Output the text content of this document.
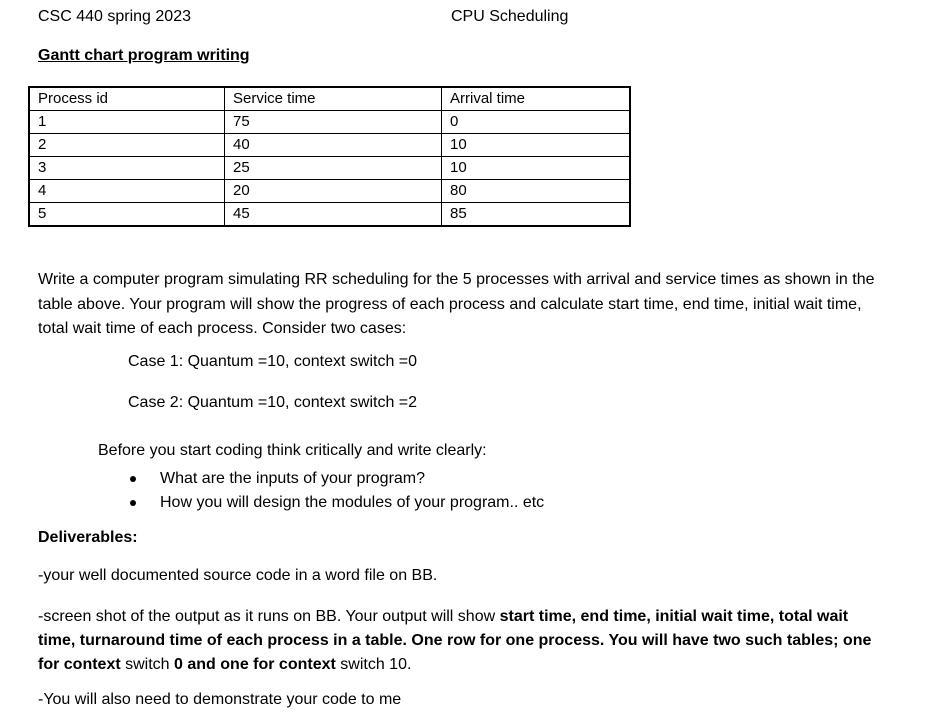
CSC 440 spring 2023	CPU Scheduling
Gantt chart program writing
Process id	Service time	Arrival time
1	75	0
2	40	10
3	25	10
4	20	80
5	45	85

Write a computer program simulating RR scheduling for the 5 processes with arrival and service times as shown in the table above. Your program will show the progress of each process and calculate start time, end time, initial wait time, total wait time of each process. Consider two cases:

Case 1: Quantum =10, context switch =0
Case 2: Quantum =10, context switch =2
Before you start coding think critically and write clearly:
What are the inputs of your program?
How you will design the modules of your program.. etc
Deliverables:
-your well documented source code in a word file on BB.
-screen shot of the output as it runs on BB. Your output will show start time, end time, initial wait time, total wait time, turnaround time of each process in a table. One row for one process. You will have two such tables; one for context switch 0 and one for context switch 10.
-You will also need to demonstrate your code to me
